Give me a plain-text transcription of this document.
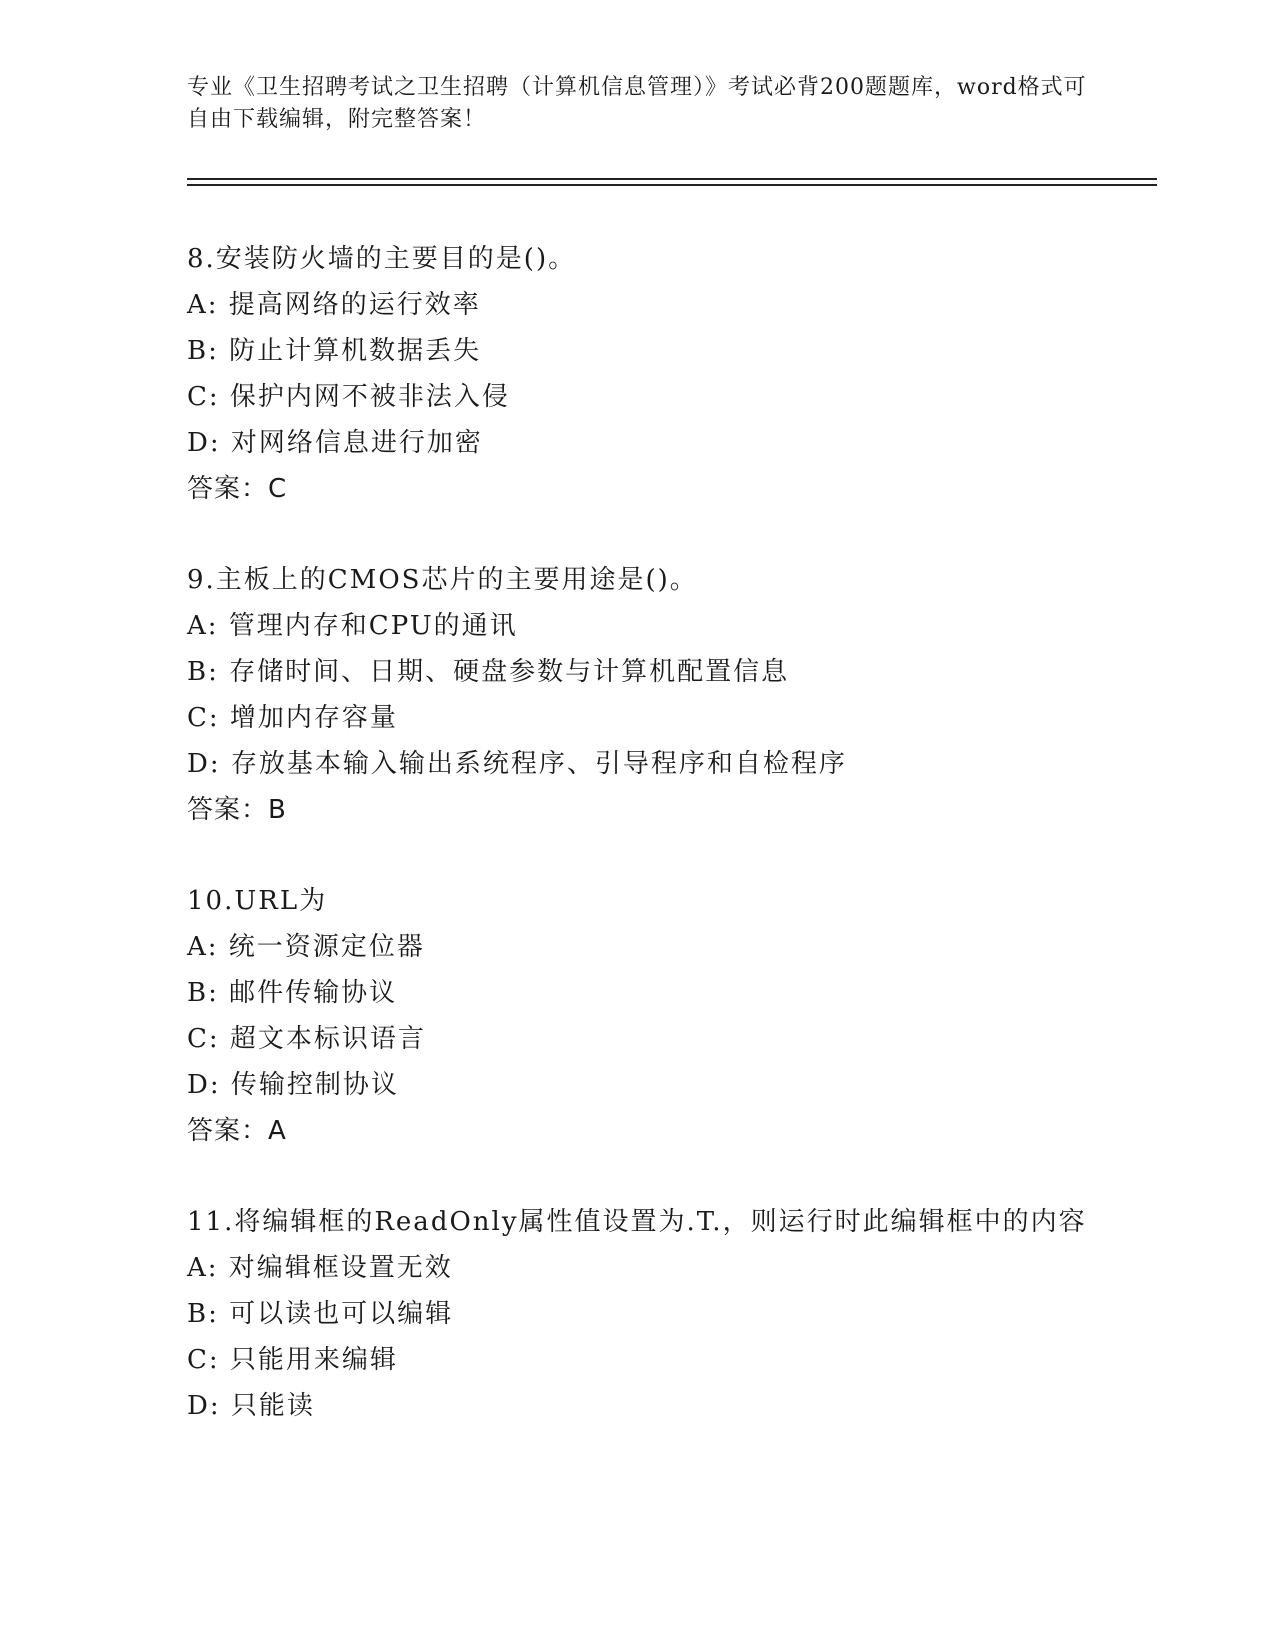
专业《卫生招聘考试之卫生招聘（计算机信息管理）》考试必背200题题库，word格式可自由下载编辑，附完整答案！
8.安装防火墙的主要目的是()。
A: 提高网络的运行效率
B: 防止计算机数据丢失
C: 保护内网不被非法入侵
D: 对网络信息进行加密
答案：C
9.主板上的CMOS芯片的主要用途是()。
A: 管理内存和CPU的通讯
B: 存储时间、日期、硬盘参数与计算机配置信息
C: 增加内存容量
D: 存放基本输入输出系统程序、引导程序和自检程序
答案：B
10.URL为
A: 统一资源定位器
B: 邮件传输协议
C: 超文本标识语言
D: 传输控制协议
答案：A
11.将编辑框的ReadOnly属性值设置为.T.，则运行时此编辑框中的内容
A: 对编辑框设置无效
B: 可以读也可以编辑
C: 只能用来编辑
D: 只能读
